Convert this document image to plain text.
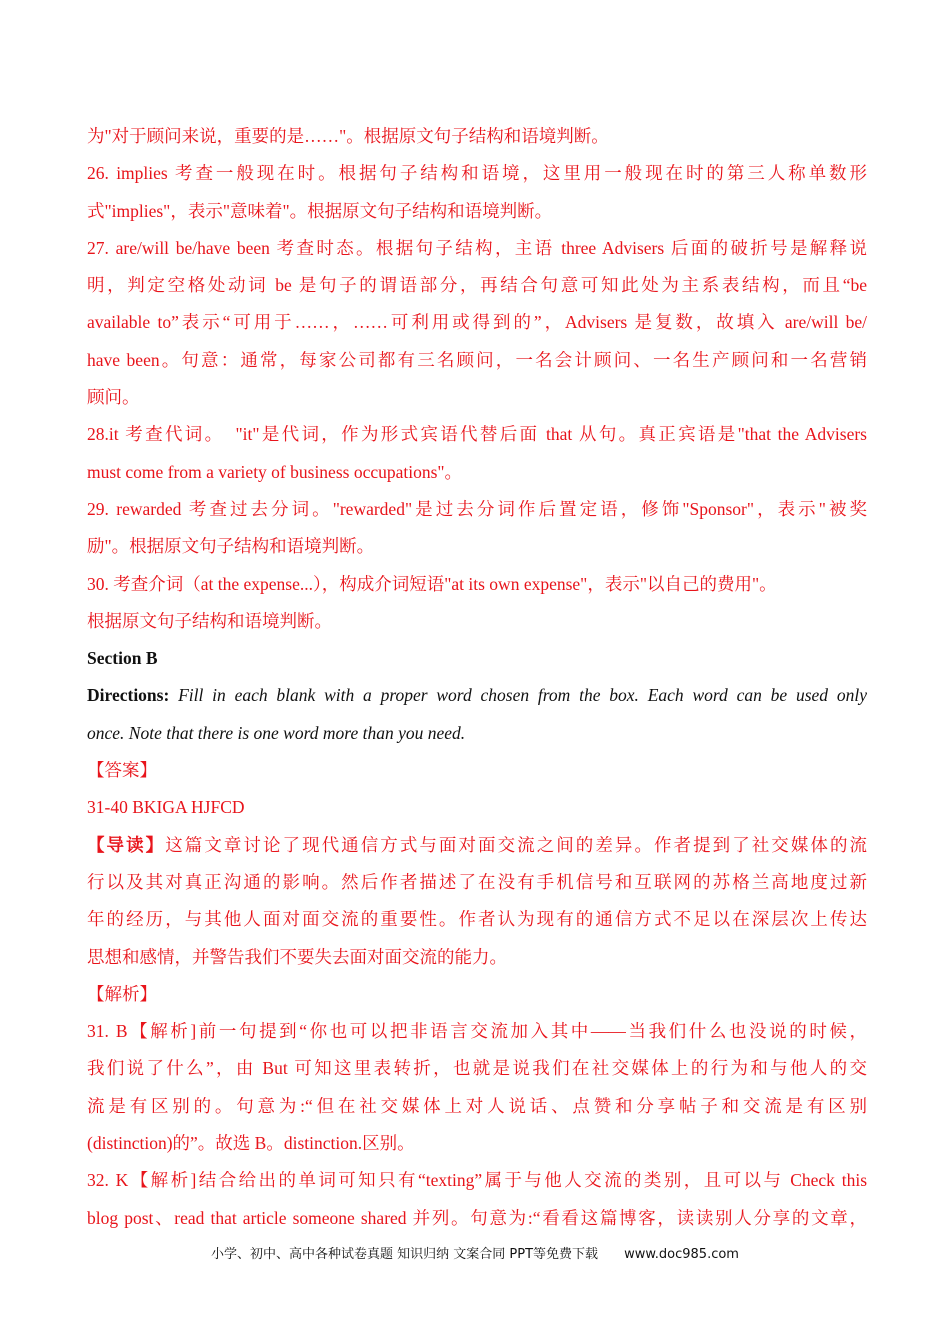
为"对于顾问来说，重要的是……"。根据原文句子结构和语境判断。
26. implies 考查一般现在时。根据句子结构和语境，这里用一般现在时的第三人称单数形
式"implies"，表示"意味着"。根据原文句子结构和语境判断。
27. are/will be/have been 考查时态。根据句子结构，主语 three Advisers 后面的破折号是解释说
明，判定空格处动词 be 是句子的谓语部分，再结合句意可知此处为主系表结构，而且“be
available to”表示“可用于……，……可利用或得到的”，Advisers 是复数，故填入 are/will be/
have been。句意：通常，每家公司都有三名顾问，一名会计顾问、一名生产顾问和一名营销
顾问。
28.it 考查代词。　"it"是代词，作为形式宾语代替后面 that 从句。真正宾语是"that the Advisers
must come from a variety of business occupations"。
29. rewarded 考查过去分词。"rewarded"是过去分词作后置定语，修饰"Sponsor"，表示"被奖
励"。根据原文句子结构和语境判断。
30. 考查介词（at the expense...），构成介词短语"at its own expense"，表示"以自己的费用"。
根据原文句子结构和语境判断。
Section B
Directions: Fill in each blank with a proper word chosen from the box. Each word can be used only
once. Note that there is one word more than you need.
【答案】
31-40 BKIGA HJFCD
【导读】这篇文章讨论了现代通信方式与面对面交流之间的差异。作者提到了社交媒体的流
行以及其对真正沟通的影响。然后作者描述了在没有手机信号和互联网的苏格兰高地度过新
年的经历，与其他人面对面交流的重要性。作者认为现有的通信方式不足以在深层次上传达
思想和感情，并警告我们不要失去面对面交流的能力。
【解析】
31. B【解析]前一句提到“你也可以把非语言交流加入其中——当我们什么也没说的时候，
我们说了什么”，由 But 可知这里表转折，也就是说我们在社交媒体上的行为和与他人的交
流是有区别的。句意为:“但在社交媒体上对人说话、点赞和分享帖子和交流是有区别
(distinction)的”。故选 B。distinction.区别。
32. K【解析]结合给出的单词可知只有“texting”属于与他人交流的类别，且可以与 Check this
blog post、read that article someone shared 并列。句意为:“看看这篇博客，读读别人分享的文章，
小学、初中、高中各种试卷真题 知识归纳 文案合同 PPT等免费下载 www.doc985.com
